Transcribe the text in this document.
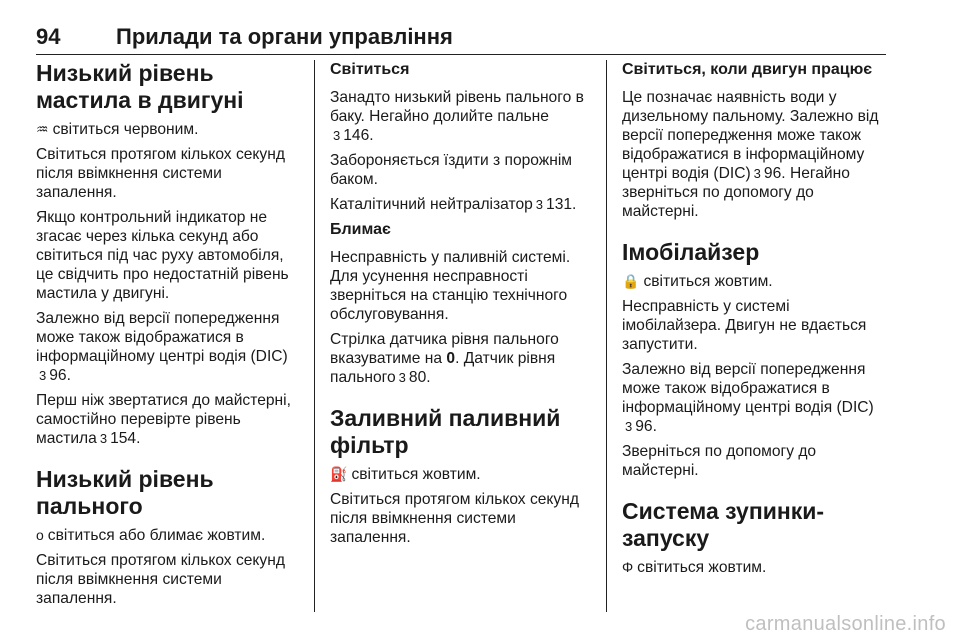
94	Прилади та органи управління
Низький рівень мастила в двигуні

♒ світиться червоним.

Світиться протягом кількох секунд після ввімкнення системи запалення.

Якщо контрольний індикатор не згасає через кілька секунд або світиться під час руху автомобіля, це свідчить про недостатній рівень мастила у двигуні.

Залежно від версії попередження може також відображатися в інформаційному центрі водія (DIC)
3 96.

Перш ніж звертатися до майстерні, самостійно перевірте рівень мастила 3 154.

Низький рівень пального

o світиться або блимає жовтим.

Світиться протягом кількох секунд після ввімкнення системи запалення.

Світиться

Занадто низький рівень пального в баку. Негайно долийте пальне
3 146.

Забороняється їздити з порожнім баком.

Каталітичний нейтралізатор 3 131.

Блимає

Несправність у паливній системі. Для усунення несправності зверніться на станцію технічного обслуговування.

Стрілка датчика рівня пального вказуватиме на 0. Датчик рівня пального 3 80.

Заливний паливний фільтр

⛽ світиться жовтим.

Світиться протягом кількох секунд після ввімкнення системи запалення.

Світиться, коли двигун працює

Це позначає наявність води у дизельному пальному. Залежно від версії попередження може також відображатися в інформаційному центрі водія (DIC) 3 96. Негайно зверніться по допомогу до майстерні.

Імобілайзер

🔒 світиться жовтим.

Несправність у системі імобілайзера. Двигун не вдається запустити.

Залежно від версії попередження може також відображатися в інформаційному центрі водія (DIC)
3 96.

Зверніться по допомогу до майстерні.

Система зупинки-запуску

Φ світиться жовтим.

carmanualsonline.info
